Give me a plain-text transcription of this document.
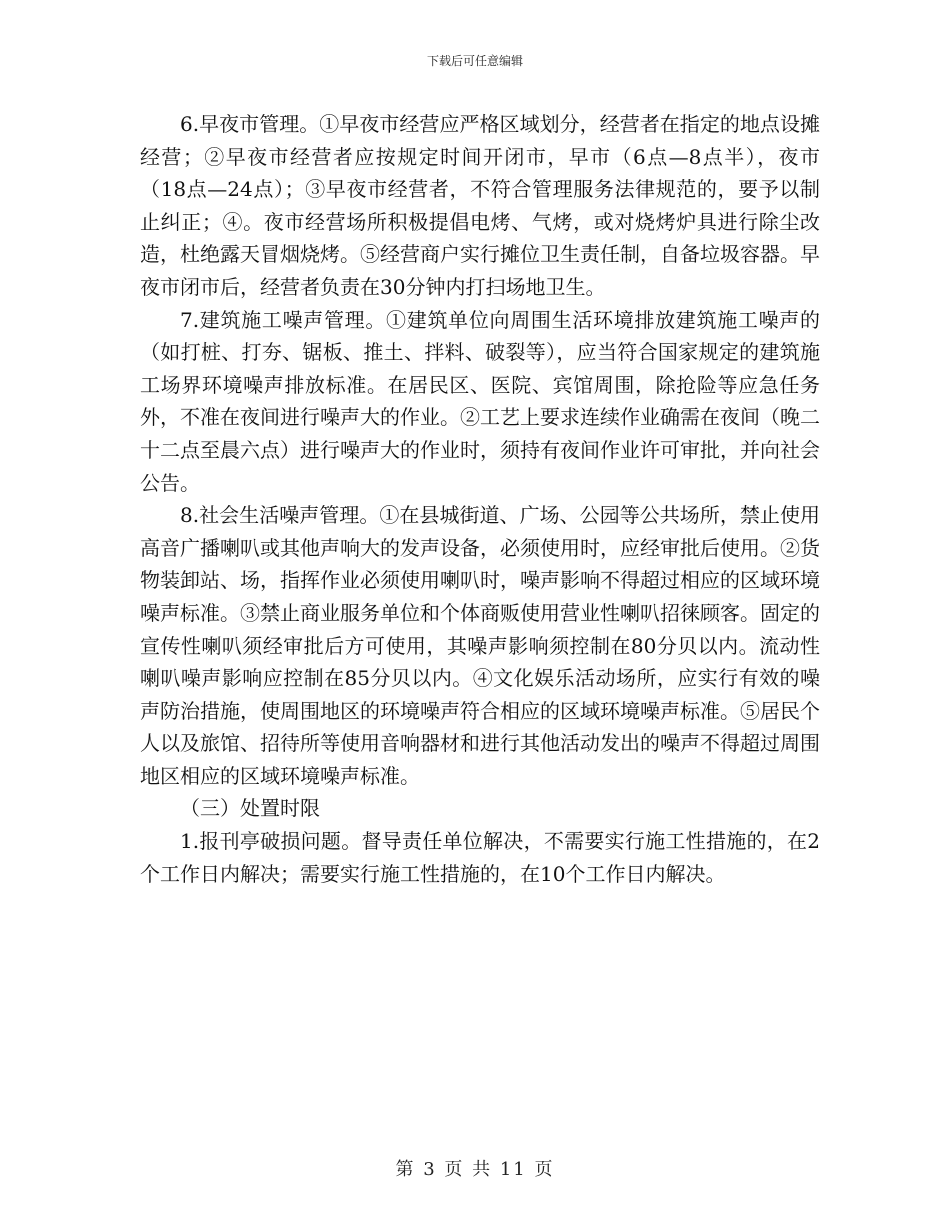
下载后可任意编辑

6.早夜市管理。①早夜市经营应严格区域划分，经营者在指定的地点设摊经营；②早夜市经营者应按规定时间开闭市，早市（6点—8点半），夜市（18点—24点）；③早夜市经营者，不符合管理服务法律规范的，要予以制止纠正；④。夜市经营场所积极提倡电烤、气烤，或对烧烤炉具进行除尘改造，杜绝露天冒烟烧烤。⑤经营商户实行摊位卫生责任制，自备垃圾容器。早夜市闭市后，经营者负责在30分钟内打扫场地卫生。

7.建筑施工噪声管理。①建筑单位向周围生活环境排放建筑施工噪声的（如打桩、打夯、锯板、推土、拌料、破裂等），应当符合国家规定的建筑施工场界环境噪声排放标准。在居民区、医院、宾馆周围，除抢险等应急任务外，不准在夜间进行噪声大的作业。②工艺上要求连续作业确需在夜间（晚二十二点至晨六点）进行噪声大的作业时，须持有夜间作业许可审批，并向社会公告。

8.社会生活噪声管理。①在县城街道、广场、公园等公共场所，禁止使用高音广播喇叭或其他声响大的发声设备，必须使用时，应经审批后使用。②货物装卸站、场，指挥作业必须使用喇叭时，噪声影响不得超过相应的区域环境噪声标准。③禁止商业服务单位和个体商贩使用营业性喇叭招徕顾客。固定的宣传性喇叭须经审批后方可使用，其噪声影响须控制在80分贝以内。流动性喇叭噪声影响应控制在85分贝以内。④文化娱乐活动场所，应实行有效的噪声防治措施，使周围地区的环境噪声符合相应的区域环境噪声标准。⑤居民个人以及旅馆、招待所等使用音响器材和进行其他活动发出的噪声不得超过周围地区相应的区域环境噪声标准。

（三）处置时限

1.报刊亭破损问题。督导责任单位解决，不需要实行施工性措施的，在2个工作日内解决；需要实行施工性措施的，在10个工作日内解决。

第 3 页 共 11 页
